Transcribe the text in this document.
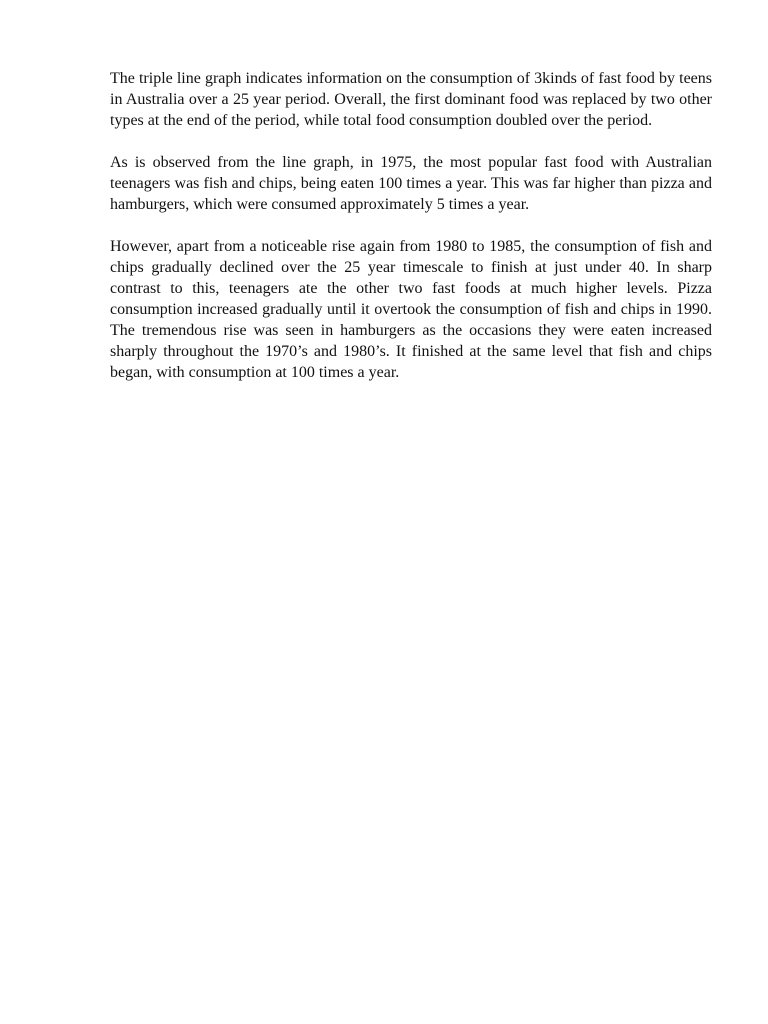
The triple line graph indicates information on the consumption of 3kinds of fast food by teens in Australia over a 25 year period. Overall, the first dominant food was replaced by two other types at the end of the period, while total food consumption doubled over the period.

As is observed from the line graph, in 1975, the most popular fast food with Australian teenagers was fish and chips, being eaten 100 times a year. This was far higher than pizza and hamburgers, which were consumed approximately 5 times a year.

However, apart from a noticeable rise again from 1980 to 1985, the consumption of fish and chips gradually declined over the 25 year timescale to finish at just under 40. In sharp contrast to this, teenagers ate the other two fast foods at much higher levels. Pizza consumption increased gradually until it overtook the consumption of fish and chips in 1990. The tremendous rise was seen in hamburgers as the occasions they were eaten increased sharply throughout the 1970’s and 1980’s. It finished at the same level that fish and chips began, with consumption at 100 times a year.
